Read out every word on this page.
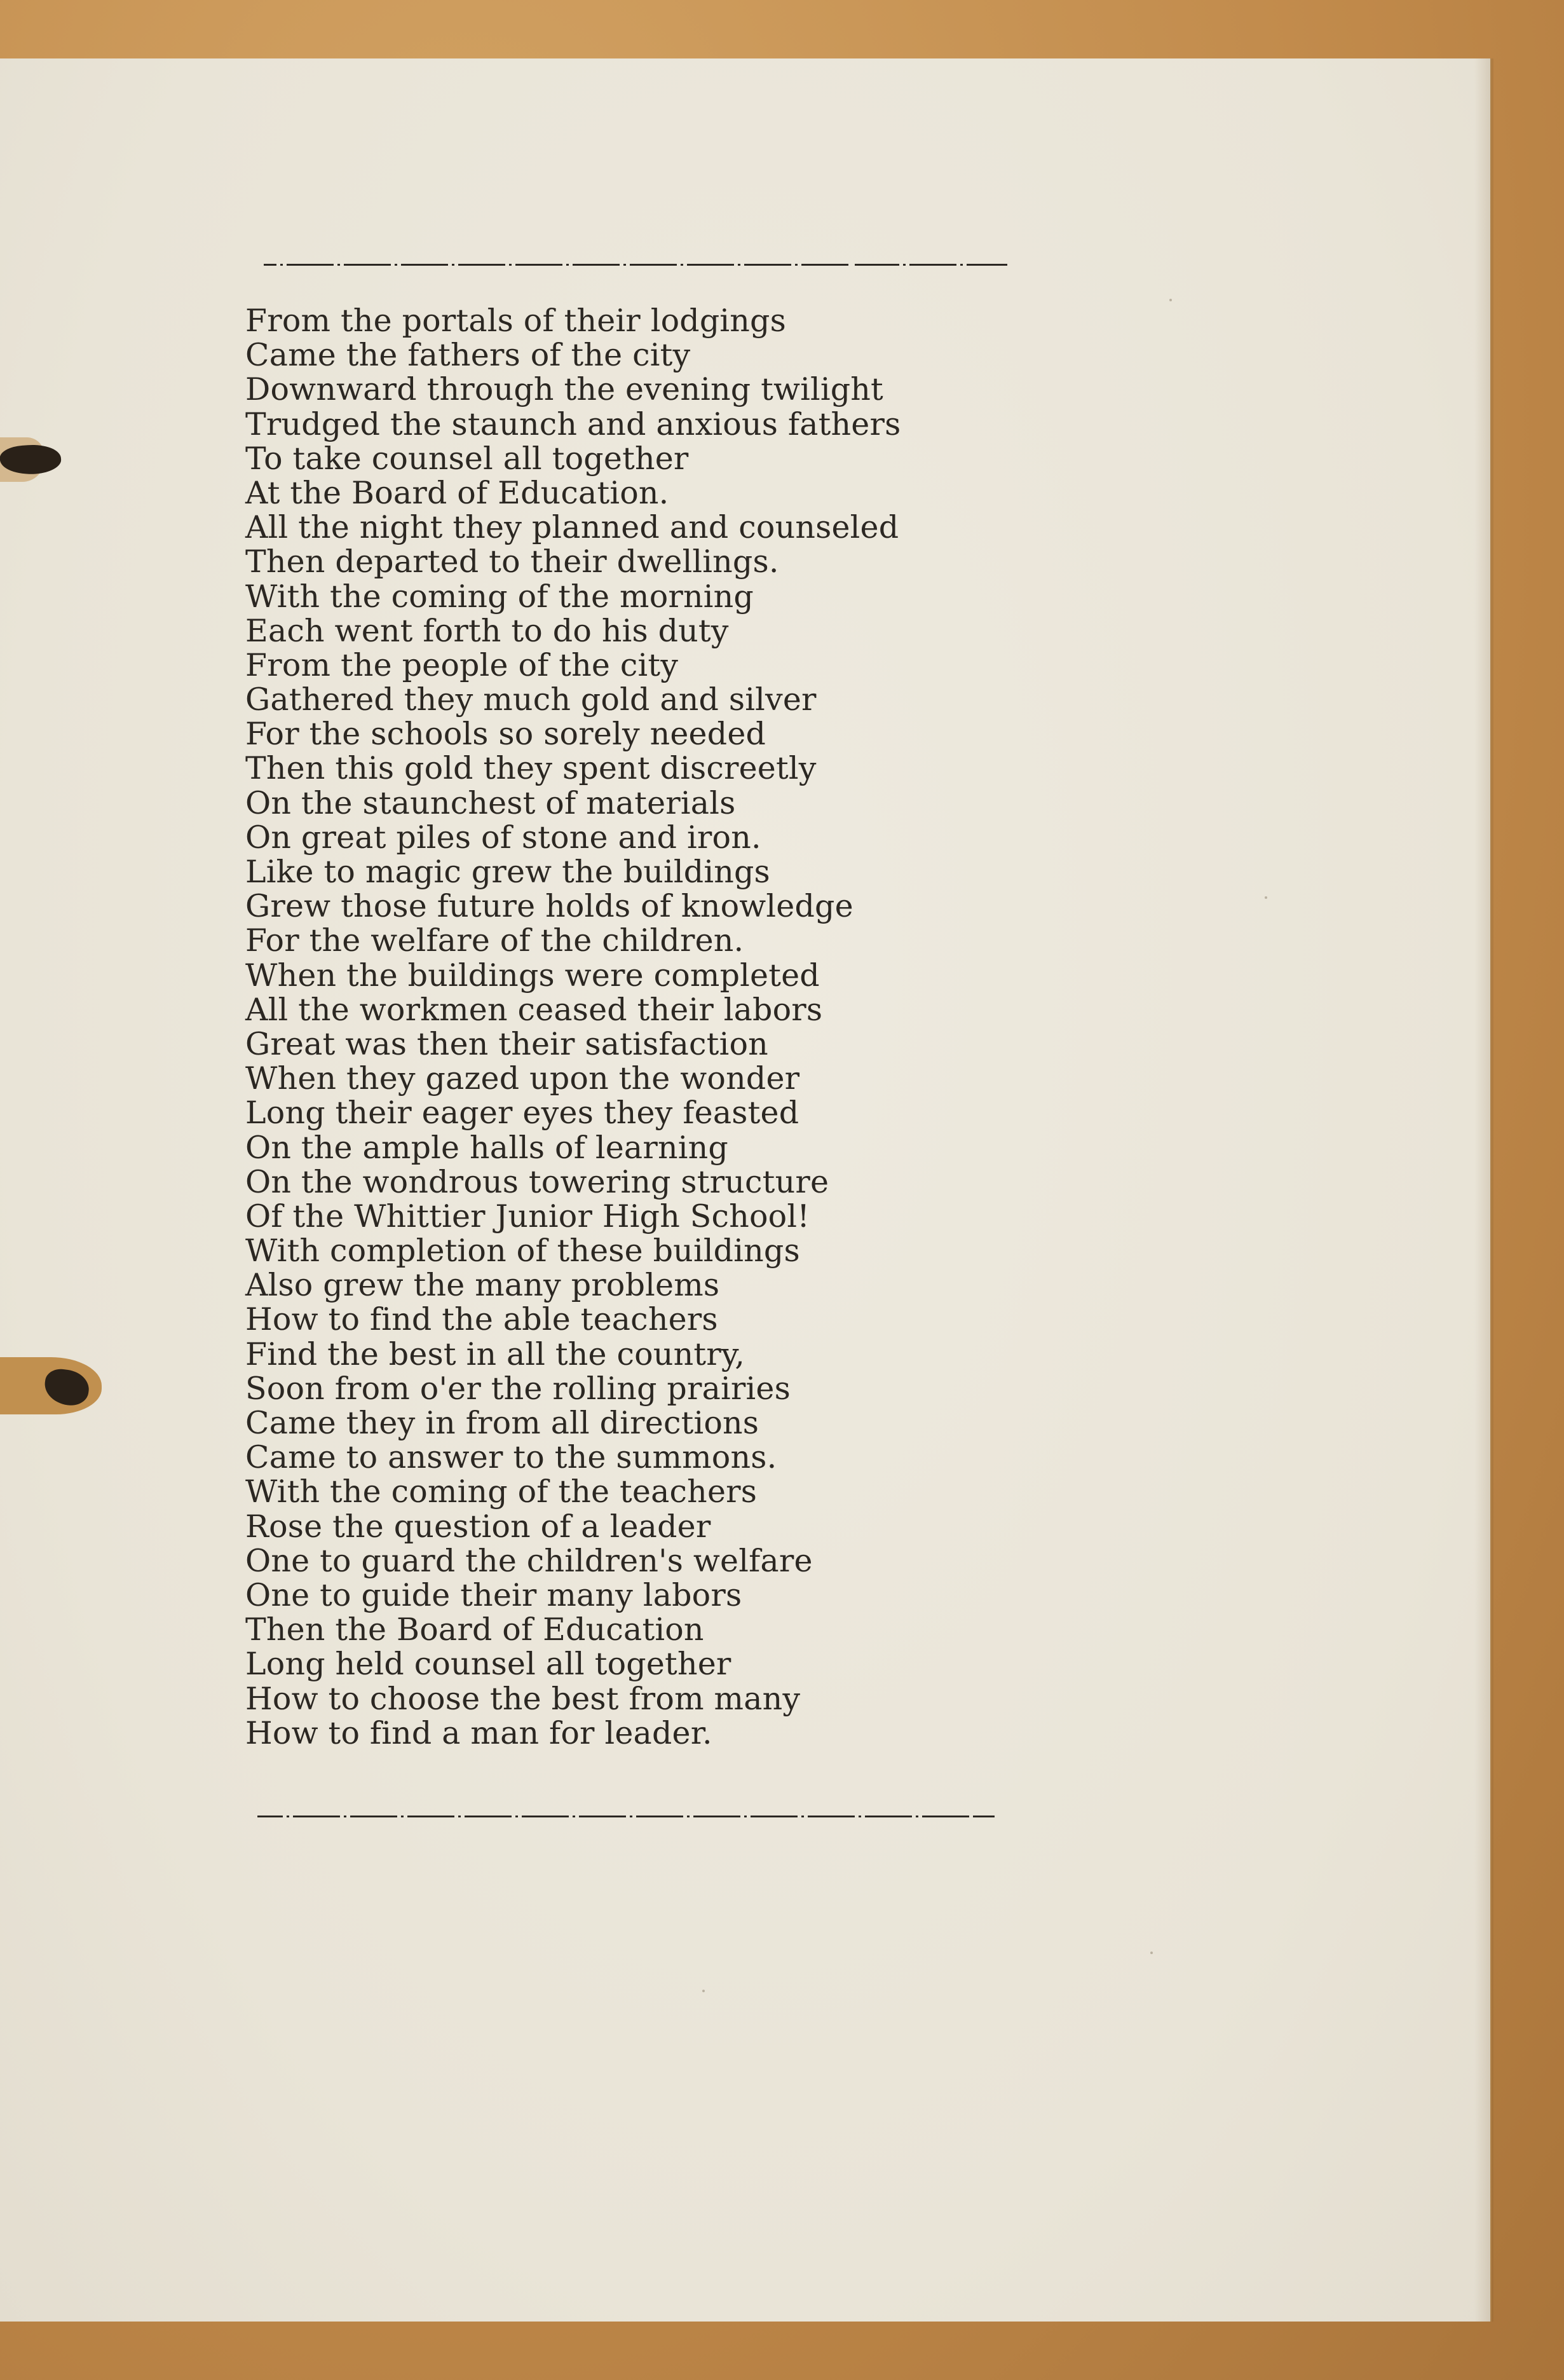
From the portals of their lodgings
Came the fathers of the city
Downward through the evening twilight
Trudged the staunch and anxious fathers
To take counsel all together
At the Board of Education.
All the night they planned and counseled
Then departed to their dwellings.
With the coming of the morning
Each went forth to do his duty
From the people of the city
Gathered they much gold and silver
For the schools so sorely needed
Then this gold they spent discreetly
On the staunchest of materials
On great piles of stone and iron.
Like to magic grew the buildings
Grew those future holds of knowledge
For the welfare of the children.
When the buildings were completed
All the workmen ceased their labors
Great was then their satisfaction
When they gazed upon the wonder
Long their eager eyes they feasted
On the ample halls of learning
On the wondrous towering structure
Of the Whittier Junior High School!
With completion of these buildings
Also grew the many problems
How to find the able teachers
Find the best in all the country,
Soon from o'er the rolling prairies
Came they in from all directions
Came to answer to the summons.
With the coming of the teachers
Rose the question of a leader
One to guard the children's welfare
One to guide their many labors
Then the Board of Education
Long held counsel all together
How to choose the best from many
How to find a man for leader.
